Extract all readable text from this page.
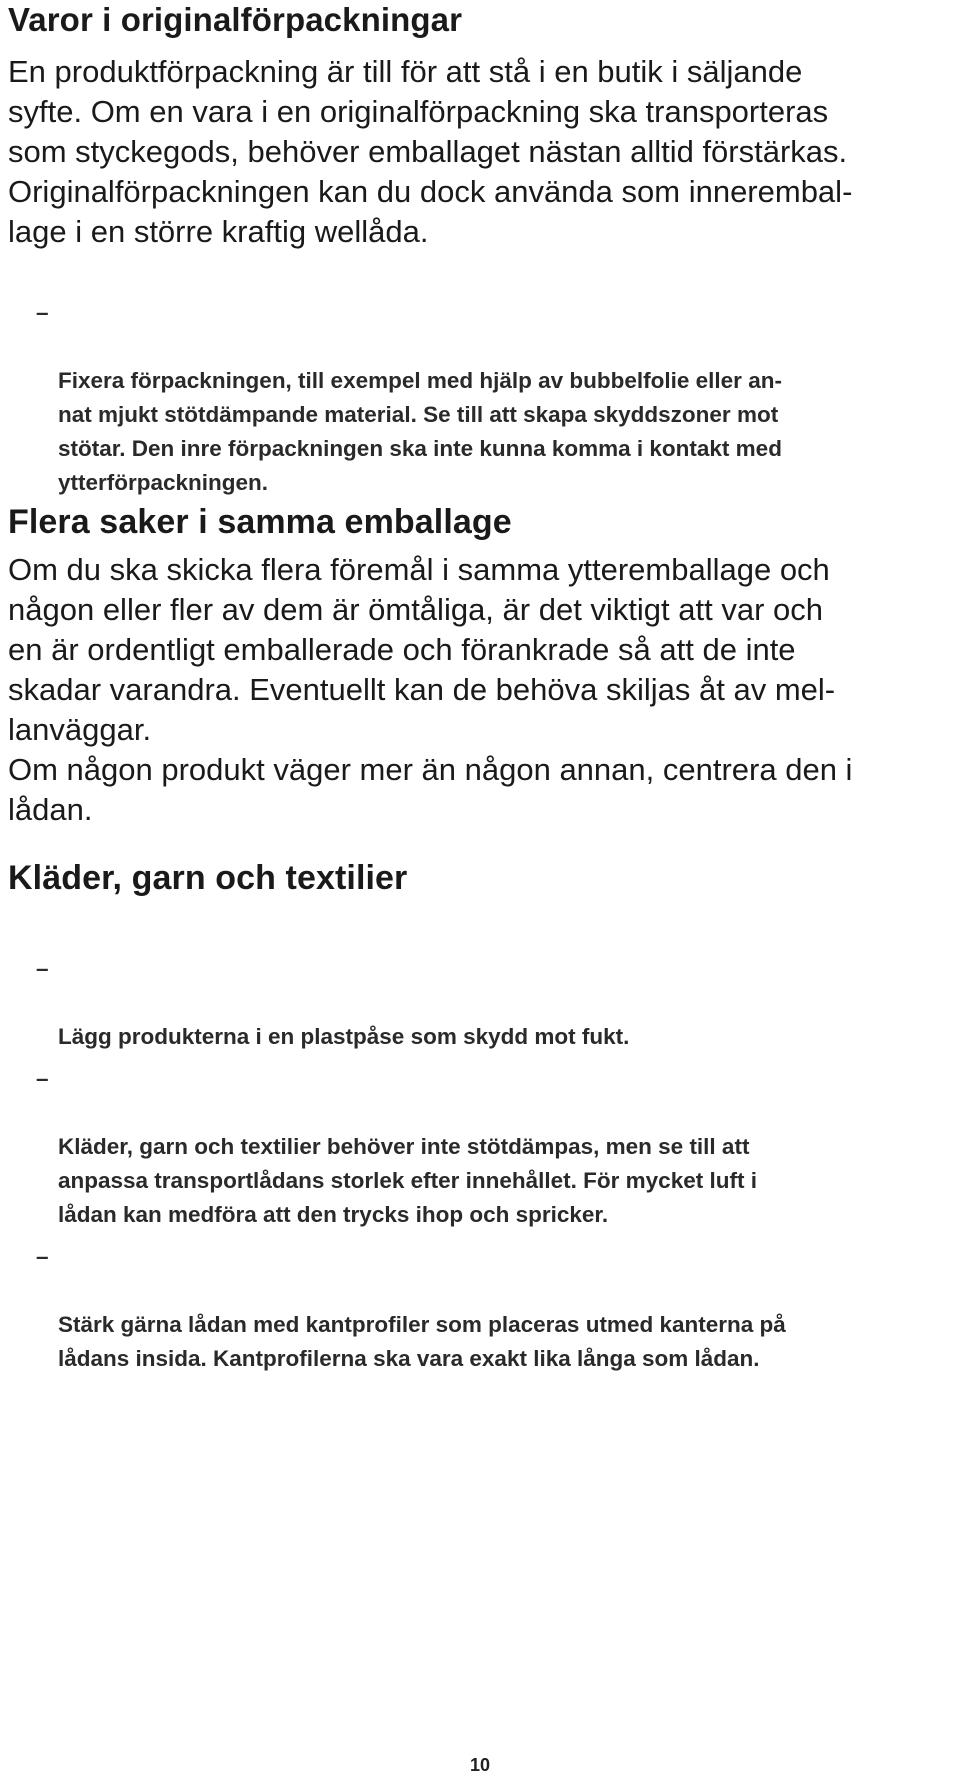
Varor i originalförpackningar

En produktförpackning är till för att stå i en butik i säljande
syfte. Om en vara i en originalförpackning ska transporteras
som styckegods, behöver emballaget nästan alltid förstärkas.
Originalförpackningen kan du dock använda som innerembal-
lage i en större kraftig wellåda.

–

Fixera förpackningen, till exempel med hjälp av bubbelfolie eller an-
nat mjukt stötdämpande material. Se till att skapa skyddszoner mot
stötar. Den inre förpackningen ska inte kunna komma i kontakt med
ytterförpackningen.

Flera saker i samma emballage

Om du ska skicka flera föremål i samma ytteremballage och
någon eller fler av dem är ömtåliga, är det viktigt att var och
en är ordentligt emballerade och förankrade så att de inte
skadar varandra. Eventuellt kan de behöva skiljas åt av mel-
lanväggar.

Om någon produkt väger mer än någon annan, centrera den i
lådan.

Kläder, garn och textilier

–

Lägg produkterna i en plastpåse som skydd mot fukt.

–

Kläder, garn och textilier behöver inte stötdämpas, men se till att
anpassa transportlådans storlek efter innehållet. För mycket luft i
lådan kan medföra att den trycks ihop och spricker.

–

Stärk gärna lådan med kantprofiler som placeras utmed kanterna på
lådans insida. Kantprofilerna ska vara exakt lika långa som lådan.

10
